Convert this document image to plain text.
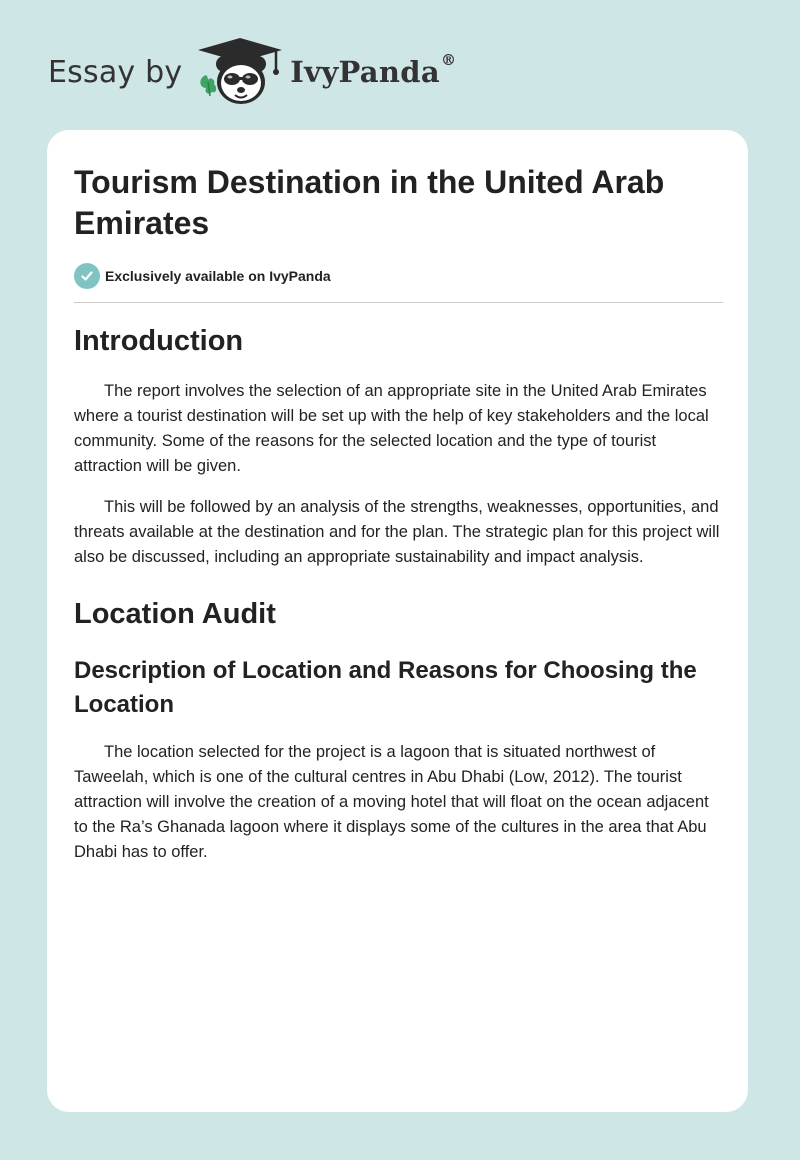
Essay by	IvyPanda®
Tourism Destination in the United Arab Emirates
Exclusively available on IvyPanda
Introduction

The report involves the selection of an appropriate site in the United Arab Emirates where a tourist destination will be set up with the help of key stakeholders and the local community. Some of the reasons for the selected location and the type of tourist attraction will be given.

This will be followed by an analysis of the strengths, weaknesses, opportunities, and threats available at the destination and for the plan. The strategic plan for this project will also be discussed, including an appropriate sustainability and impact analysis.

Location Audit
Description of Location and Reasons for Choosing the Location

The location selected for the project is a lagoon that is situated northwest of Taweelah, which is one of the cultural centres in Abu Dhabi (Low, 2012). The tourist attraction will involve the creation of a moving hotel that will float on the ocean adjacent to the Ra’s Ghanada lagoon where it displays some of the cultures in the area that Abu Dhabi has to offer.
